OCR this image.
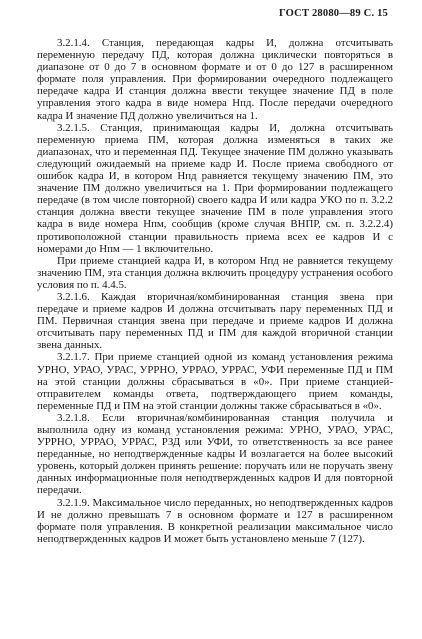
ГОСТ 28080—89 С. 15

3.2.1.4. Станция, передающая кадры И, должна отсчитывать переменную передачу ПД, которая должна циклически повторяться в диапазоне от 0 до 7 в основном формате и от 0 до 127 в расширенном формате поля управления. При формировании очередного подлежащего передаче кадра И станция должна ввести текущее значение ПД в поле управления этого кадра в виде номера Нпд. После передачи очередного кадра И значение ПД должно увеличиться на 1.

3.2.1.5. Станция, принимающая кадры И, должна отсчитывать переменную приема ПМ, которая должна изменяться в таких же диапазонах, что и переменная ПД. Текущее значение ПМ должно указывать следующий ожидаемый на приеме кадр И. После приема свободного от ошибок кадра И, в котором Нпд равняется текущему значению ПМ, это значение ПМ должно увеличиться на 1. При формировании подлежащего передаче (в том числе повторной) своего кадра И или кадра УКО по п. 3.2.2 станция должна ввести текущее значение ПМ в поле управления этого кадра в виде номера Нпм, сообщив (кроме случая ВНПР, см. п. 3.2.2.4) противоположной станции правильность приема всех ее кадров И с номерами до Нпм — 1 включительно.

При приеме станцией кадра И, в котором Нпд не равняется текущему значению ПМ, эта станция должна включить процедуру устранения особого условия по п. 4.4.5.

3.2.1.6. Каждая вторичная/комбинированная станция звена при передаче и приеме кадров И должна отсчитывать пару переменных ПД и ПМ. Первичная станция звена при передаче и приеме кадров И должна отсчитывать пару переменных ПД и ПМ для каждой вторичной станции звена данных.

3.2.1.7. При приеме станцией одной из команд установления режима УРНО, УРАО, УРАС, УРРНО, УРРАО, УРРАС, УФИ переменные ПД и ПМ на этой станции должны сбрасываться в «0». При приеме станцией-отправителем команды ответа, подтверждающего прием команды, переменные ПД и ПМ на этой станции должны также сбрасываться в «0».

3.2.1.8. Если вторичная/комбинированная станция получила и выполнила одну из команд установления режима: УРНО, УРАО, УРАС, УРРНО, УРРАО, УРРАС, РЗД или УФИ, то ответственность за все ранее переданные, но неподтвержденные кадры И возлагается на более высокий уровень, который должен принять решение: поручать или не поручать звену данных информационные поля неподтвержденных кадров И для повторной передачи.

3.2.1.9. Максимальное число переданных, но неподтвержденных кадров И не должно превышать 7 в основном формате и 127 в расширенном формате поля управления. В конкретной реализации максимальное число неподтвержденных кадров И может быть установлено меньше 7 (127).
